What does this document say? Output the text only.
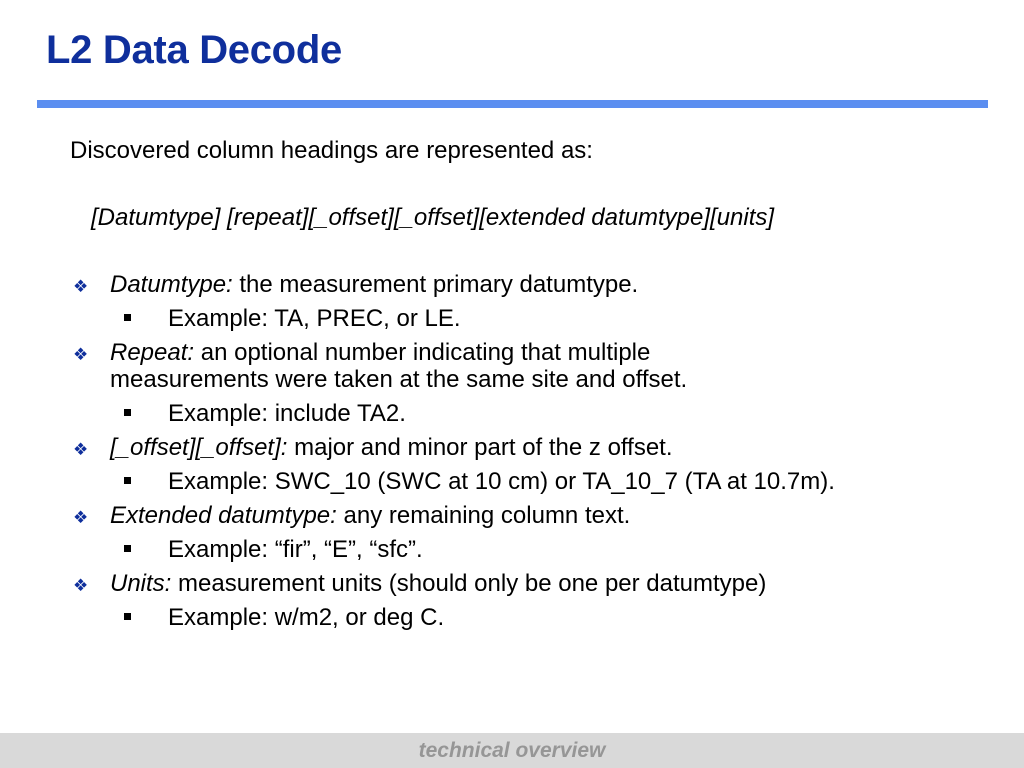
L2 Data Decode
Discovered column headings are represented as:
[Datumtype] [repeat][_offset][_offset][extended datumtype][units]
❖ Datumtype: the measurement primary datumtype.
Example: TA, PREC, or LE.
❖ Repeat: an optional number indicating that multiple measurements were taken at the same site and offset.
Example: include TA2.
❖ [_offset][_offset]: major and minor part of the z offset.
Example: SWC_10 (SWC at 10 cm) or TA_10_7 (TA at 10.7m).
❖ Extended datumtype: any remaining column text.
Example: “fir”, “E”, “sfc”.
❖ Units: measurement units (should only be one per datumtype)
Example: w/m2, or deg C.
technical overview
